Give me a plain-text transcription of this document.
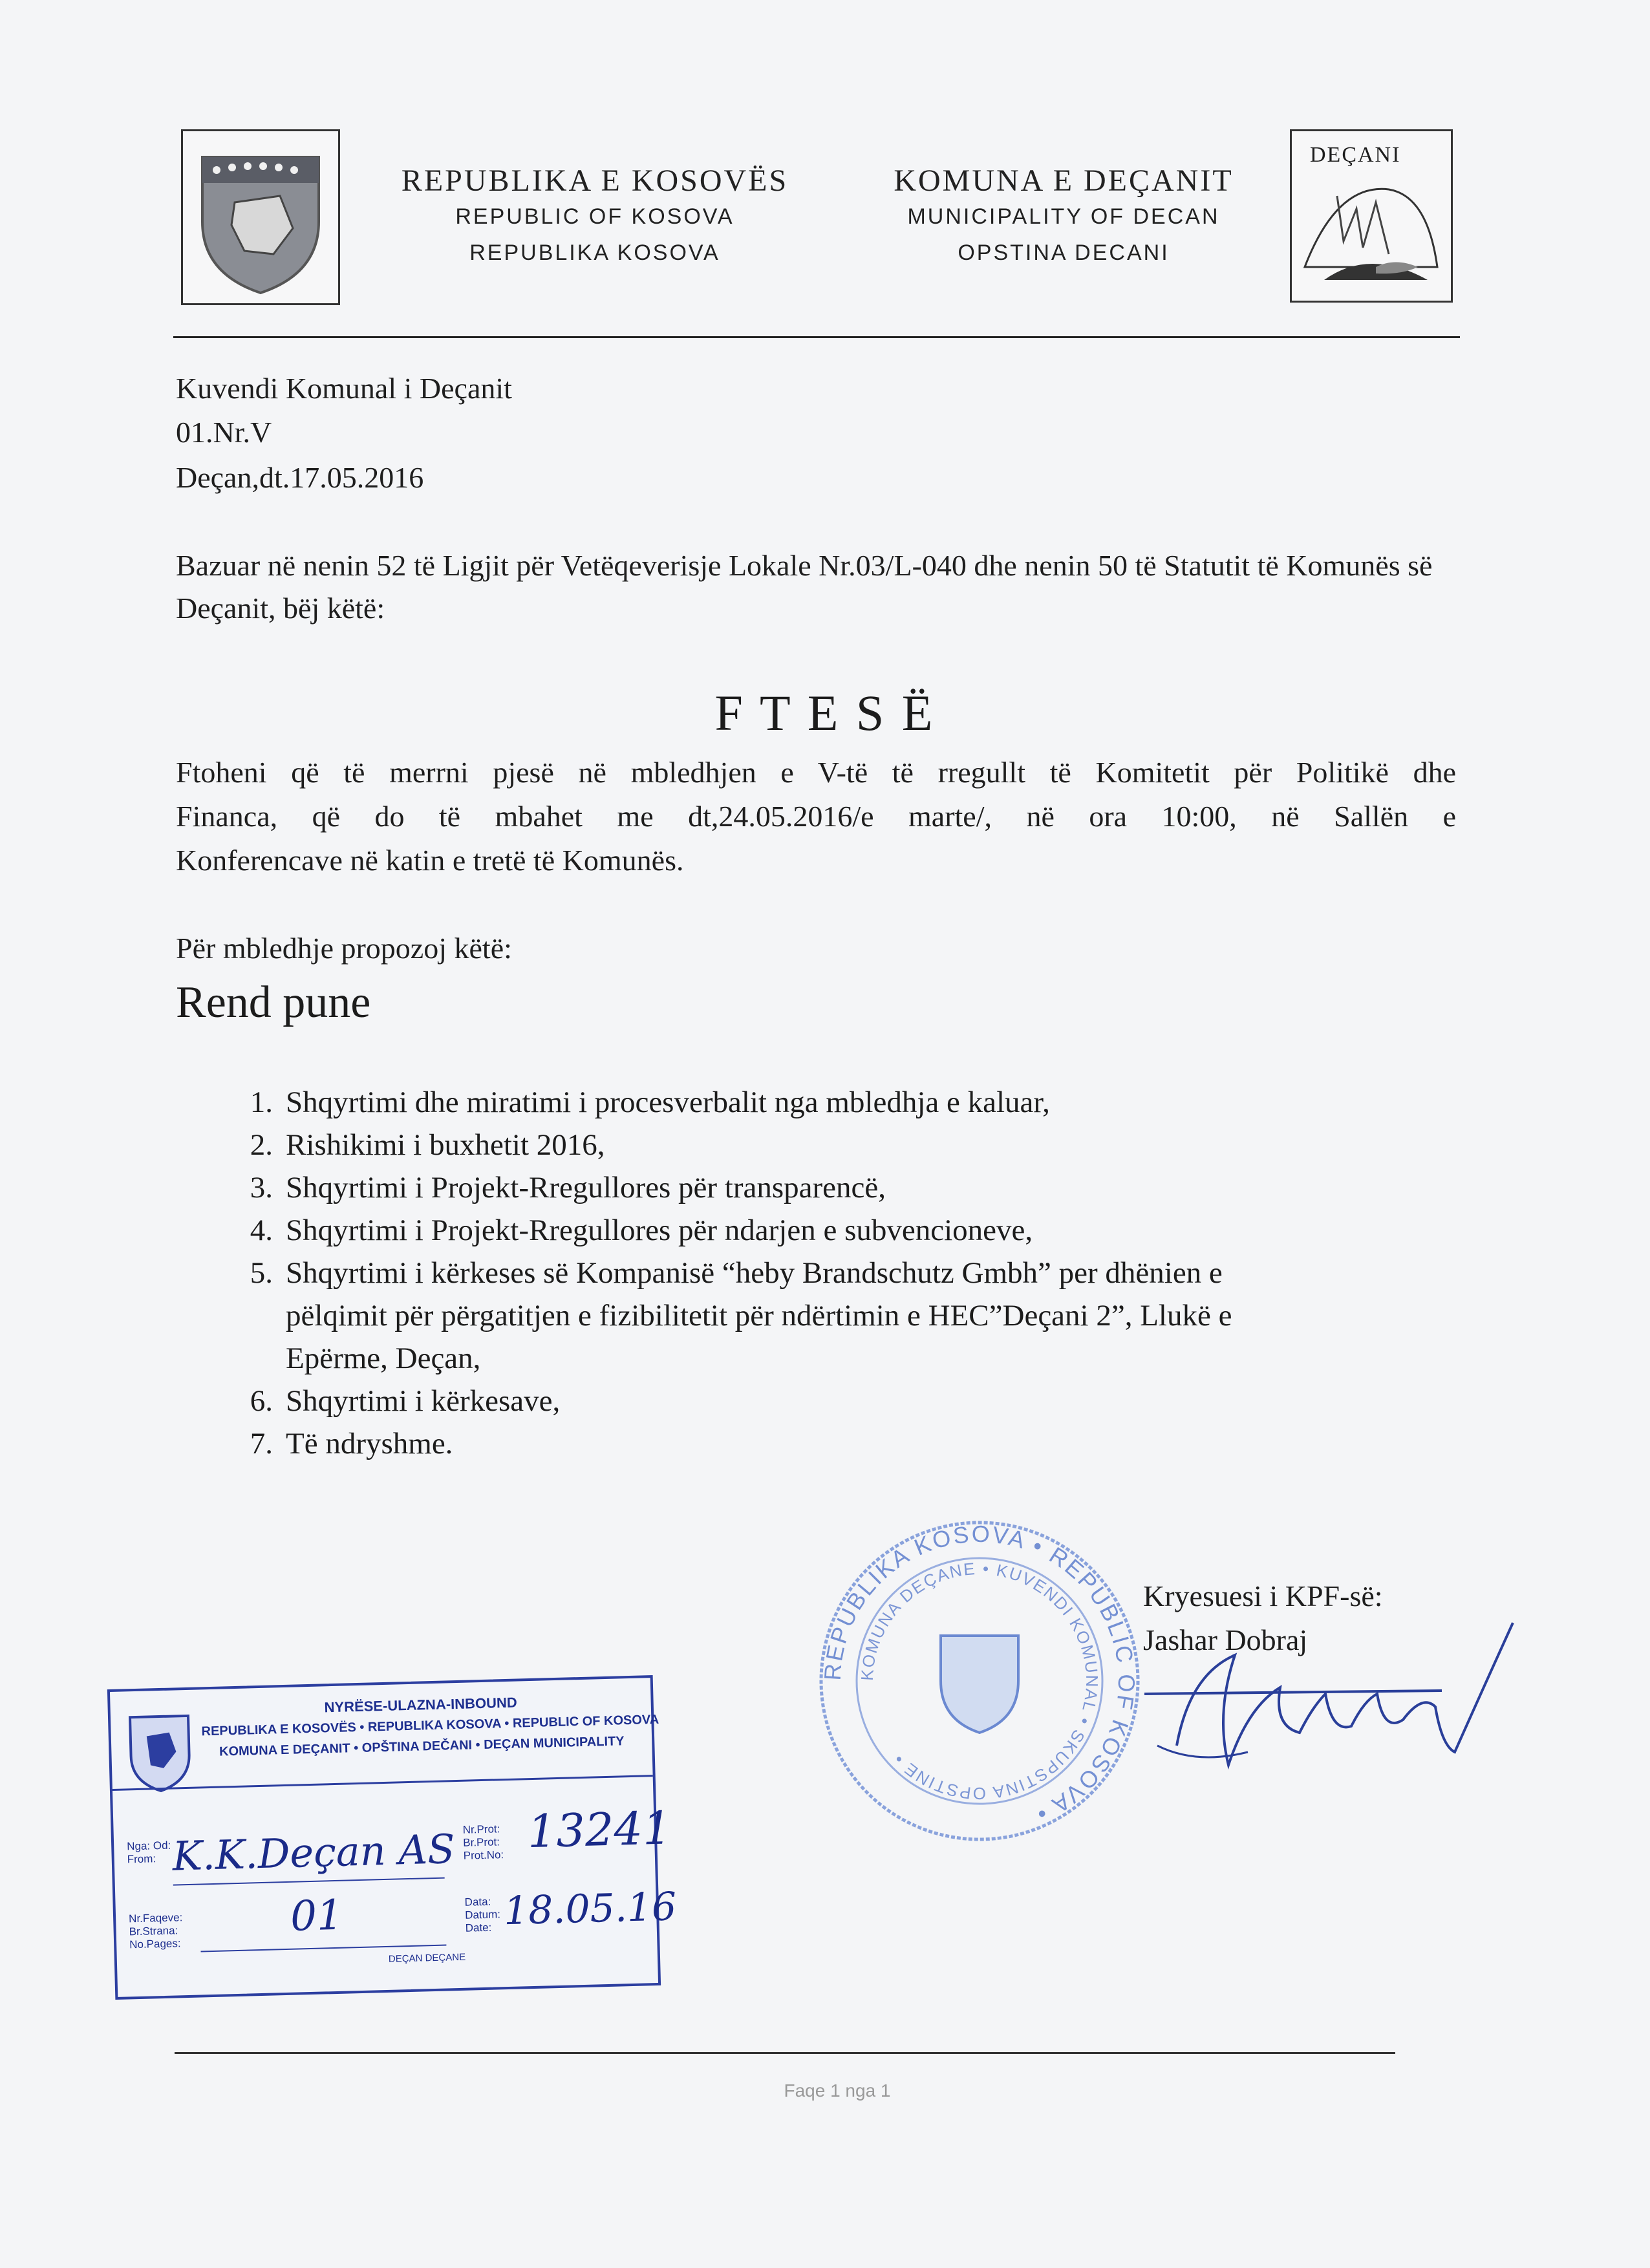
REPUBLIKA E KOSOVËS
REPUBLIC OF KOSOVA
REPUBLIKA KOSOVA
KOMUNA E DEÇANIT
MUNICIPALITY OF DECAN
OPSTINA DECANI
DEÇANI
Kuvendi Komunal i Deçanit
01.Nr.V
Deçan,dt.17.05.2016
Bazuar në nenin 52 të Ligjit për Vetëqeverisje Lokale Nr.03/L-040 dhe nenin 50 të Statutit të Komunës së Deçanit, bëj këtë:
F T E S Ë
Ftoheni që të merrni pjesë në mbledhjen e V-të të rregullt të Komitetit për Politikë dhe
Financa, që do të mbahet me dt,24.05.2016/e marte/, në ora 10:00, në Sallën e
Konferencave në katin e tretë të Komunës.
Për mbledhje propozoj këtë:
Rend pune
1. Shqyrtimi dhe miratimi i procesverbalit nga mbledhja e kaluar,
2. Rishikimi i buxhetit 2016,
3. Shqyrtimi i Projekt-Rregullores për transparencë,
4. Shqyrtimi i Projekt-Rregullores për ndarjen e subvencioneve,
5. Shqyrtimi i kërkeses së Kompanisë “heby Brandschutz Gmbh” per dhënien e
pëlqimit për përgatitjen e fizibilitetit për ndërtimin e HEC”Deçani 2”, Llukë e
Epërme, Deçan,
6. Shqyrtimi i kërkesave,
7. Të ndryshme.
REPUBLIKA KOSOVA • REPUBLIC OF KOSOVA •
KOMUNA DEÇANE • KUVENDI KOMUNAL • SKUPSTINA OPSTINE •
Kryesuesi i KPF-së:
Jashar Dobraj
NYRËSE-ULAZNA-INBOUND
REPUBLIKA E KOSOVËS • REPUBLIKA KOSOVA • REPUBLIC OF KOSOVA
KOMUNA E DEÇANIT • OPŠTINA DEČANI • DEÇAN MUNICIPALITY
Nga: Od: From: K.K.Deçan AS Nr.Prot: Br.Prot: Prot.No: 13241
Nr.Faqeve: Br.Strana: No.Pages:
01	Data: Datum: Date: 18.05.16
DEÇAN DEÇANE
Faqe 1 nga 1
